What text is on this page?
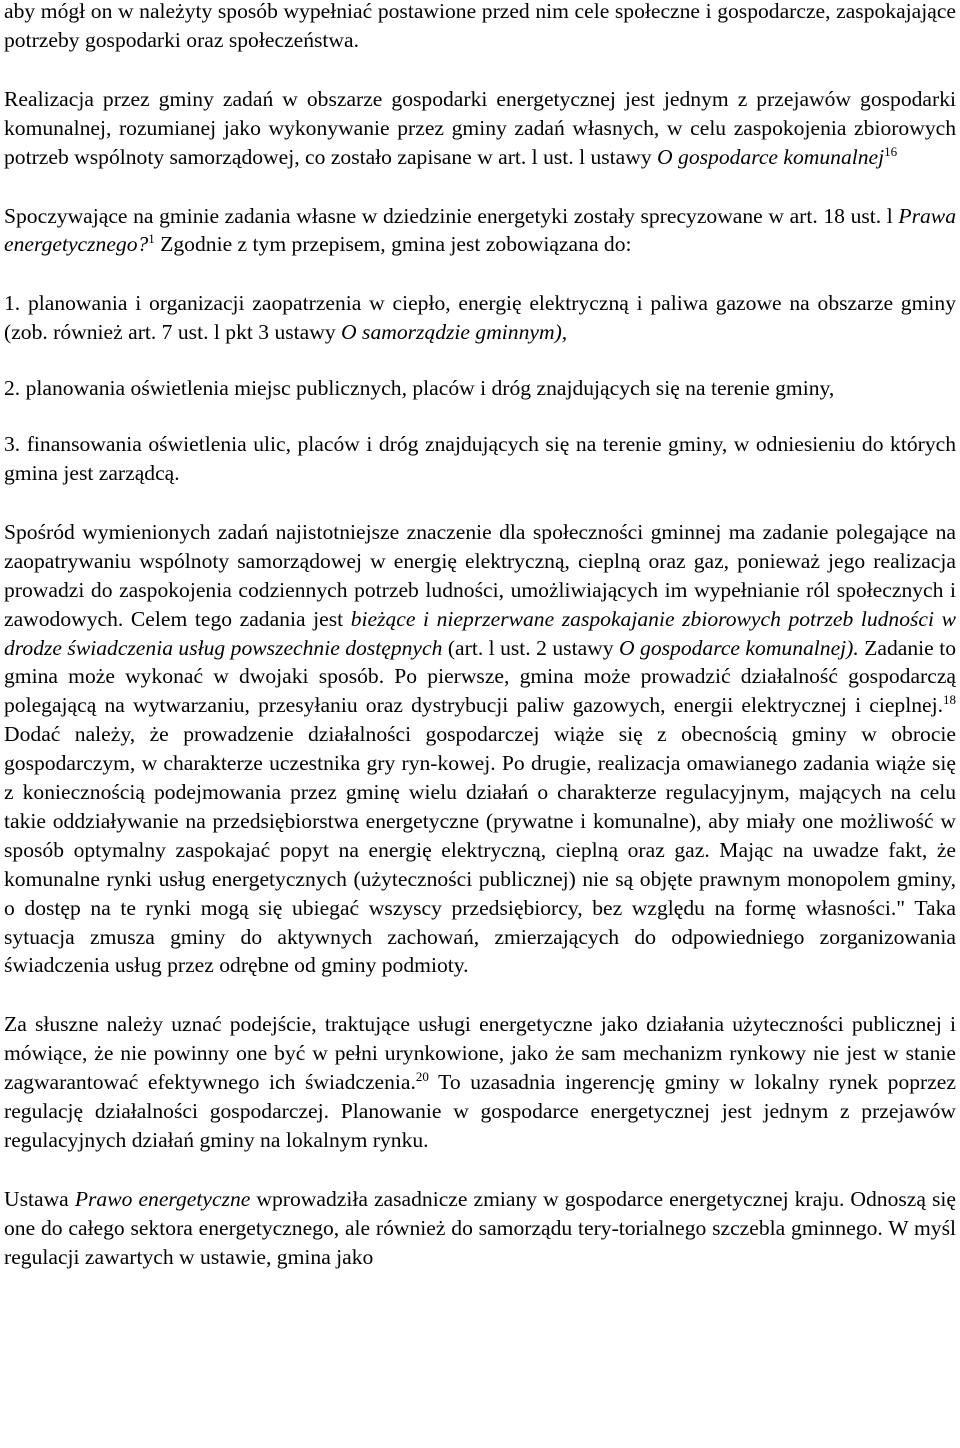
aby mógł on w należyty sposób wypełniać postawione przed nim cele społeczne i gospodarcze, zaspokajające potrzeby gospodarki oraz społeczeństwa.

Realizacja przez gminy zadań w obszarze gospodarki energetycznej jest jednym z przejawów gospodarki komunalnej, rozumianej jako wykonywanie przez gminy zadań własnych, w celu zaspokojenia zbiorowych potrzeb wspólnoty samorządowej, co zostało zapisane w art. l ust. l ustawy O gospodarce komunalnej$^{16}$

Spoczywające na gminie zadania własne w dziedzinie energetyki zostały sprecyzowane w art. 18 ust. l Prawa energetycznego?$^1$ Zgodnie z tym przepisem, gmina jest zobowiązana do:

1. planowania i organizacji zaopatrzenia w ciepło, energię elektryczną i paliwa gazowe na obszarze gminy (zob. również art. 7 ust. l pkt 3 ustawy O samorządzie gminnym),

2. planowania oświetlenia miejsc publicznych, placów i dróg znajdujących się na terenie gminy,

3. finansowania oświetlenia ulic, placów i dróg znajdujących się na terenie gminy, w odniesieniu do których gmina jest zarządcą.

Spośród wymienionych zadań najistotniejsze znaczenie dla społeczności gminnej ma zadanie polegające na zaopatrywaniu wspólnoty samorządowej w energię elektryczną, cieplną oraz gaz, ponieważ jego realizacja prowadzi do zaspokojenia codziennych potrzeb ludności, umożliwiających im wypełnianie ról społecznych i zawodowych. Celem tego zadania jest bieżące i nieprzerwane zaspokajanie zbiorowych potrzeb ludności w drodze świadczenia usług powszechnie dostępnych (art. l ust. 2 ustawy O gospodarce komunalnej). Zadanie to gmina może wykonać w dwojaki sposób. Po pierwsze, gmina może prowadzić działalność gospodarczą polegającą na wytwarzaniu, przesyłaniu oraz dystrybucji paliw gazowych, energii elektrycznej i cieplnej.$^{18}$ Dodać należy, że prowadzenie działalności gospodarczej wiąże się z obecnością gminy w obrocie gospodarczym, w charakterze uczestnika gry ryn-kowej. Po drugie, realizacja omawianego zadania wiąże się z koniecznością podejmowania przez gminę wielu działań o charakterze regulacyjnym, mających na celu takie oddziaływanie na przedsiębiorstwa energetyczne (prywatne i komunalne), aby miały one możliwość w sposób optymalny zaspokajać popyt na energię elektryczną, cieplną oraz gaz. Mając na uwadze fakt, że komunalne rynki usług energetycznych (użyteczności publicznej) nie są objęte prawnym monopolem gminy, o dostęp na te rynki mogą się ubiegać wszyscy przedsiębiorcy, bez względu na formę własności." Taka sytuacja zmusza gminy do aktywnych zachowań, zmierzających do odpowiedniego zorganizowania świadczenia usług przez odrębne od gminy podmioty.

Za słuszne należy uznać podejście, traktujące usługi energetyczne jako działania użyteczności publicznej i mówiące, że nie powinny one być w pełni urynkowione, jako że sam mechanizm rynkowy nie jest w stanie zagwarantować efektywnego ich świadczenia.$^{20}$ To uzasadnia ingerencję gminy w lokalny rynek poprzez regulację działalności gospodarczej. Planowanie w gospodarce energetycznej jest jednym z przejawów regulacyjnych działań gminy na lokalnym rynku.

Ustawa Prawo energetyczne wprowadziła zasadnicze zmiany w gospodarce energetycznej kraju. Odnoszą się one do całego sektora energetycznego, ale również do samorządu tery-torialnego szczebla gminnego. W myśl regulacji zawartych w ustawie, gmina jako
